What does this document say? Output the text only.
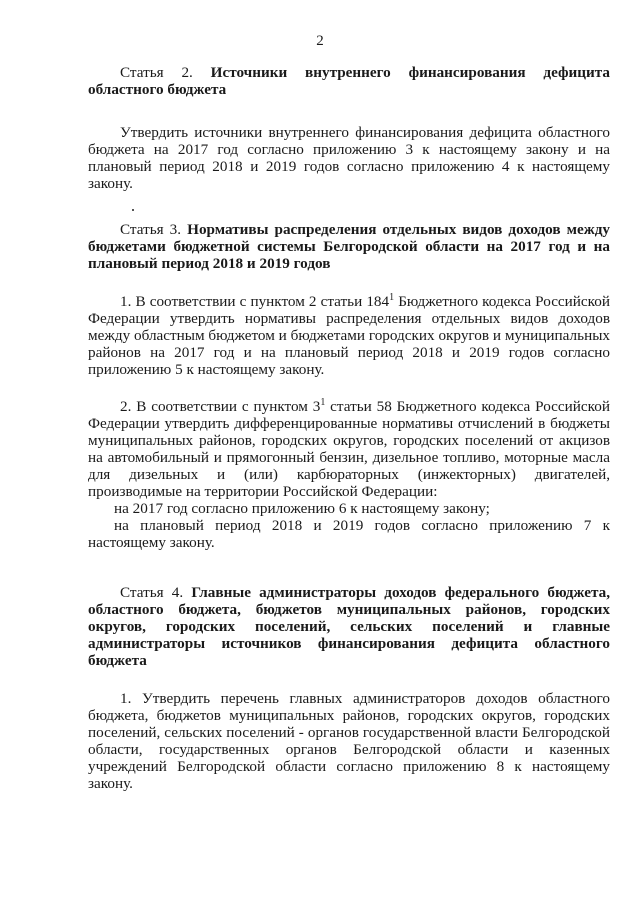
2
Статья 2. Источники внутреннего финансирования дефицита областного бюджета

Утвердить источники внутреннего финансирования дефицита областного бюджета на 2017 год согласно приложению 3 к настоящему закону и на плановый период 2018 и 2019 годов согласно приложению 4 к настоящему закону.

Статья 3. Нормативы распределения отдельных видов доходов между бюджетами бюджетной системы Белгородской области на 2017 год и на плановый период 2018 и 2019 годов

1. В соответствии с пунктом 2 статьи $184^1$ Бюджетного кодекса Российской Федерации утвердить нормативы распределения отдельных видов доходов между областным бюджетом и бюджетами городских округов и муниципальных районов на 2017 год и на плановый период 2018 и 2019 годов согласно приложению 5 к настоящему закону.

2. В соответствии с пунктом $3^1$ статьи 58 Бюджетного кодекса Российской Федерации утвердить дифференцированные нормативы отчислений в бюджеты муниципальных районов, городских округов, городских поселений от акцизов на автомобильный и прямогонный бензин, дизельное топливо, моторные масла для дизельных и (или) карбюраторных (инжекторных) двигателей, производимые на территории Российской Федерации:

на 2017 год согласно приложению 6 к настоящему закону;

на плановый период 2018 и 2019 годов согласно приложению 7 к настоящему закону.

Статья 4. Главные администраторы доходов федерального бюджета, областного бюджета, бюджетов муниципальных районов, городских округов, городских поселений, сельских поселений и главные администраторы источников финансирования дефицита областного бюджета

1. Утвердить перечень главных администраторов доходов областного бюджета, бюджетов муниципальных районов, городских округов, городских поселений, сельских поселений - органов государственной власти Белгородской области, государственных органов Белгородской области и казенных учреждений Белгородской области согласно приложению 8 к настоящему закону.
